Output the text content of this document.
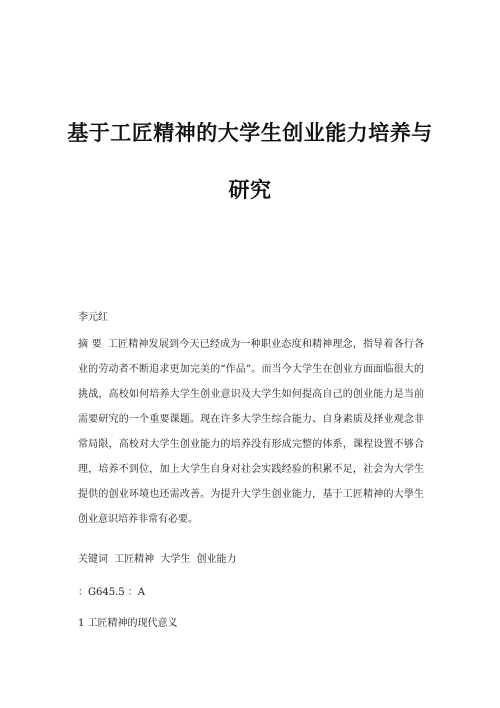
基于工匠精神的大学生创业能力培养与
研究

李元红

摘 要 工匠精神发展到今天已经成为一种职业态度和精神理念，指导着各行各业的劳动者不断追求更加完美的“作品”。而当今大学生在创业方面面临很大的挑战，高校如何培养大学生创业意识及大学生如何提高自己的创业能力是当前需要研究的一个重要课题。现在许多大学生综合能力、自身素质及择业观念非常局限，高校对大学生创业能力的培养没有形成完整的体系，课程设置不够合理，培养不到位，加上大学生自身对社会实践经验的积累不足，社会为大学生提供的创业环境也还需改善。为提升大学生创业能力，基于工匠精神的大學生创业意识培养非常有必要。

关键词 工匠精神 大学生 创业能力

：G645.5 ：A

1 工匠精神的现代意义
